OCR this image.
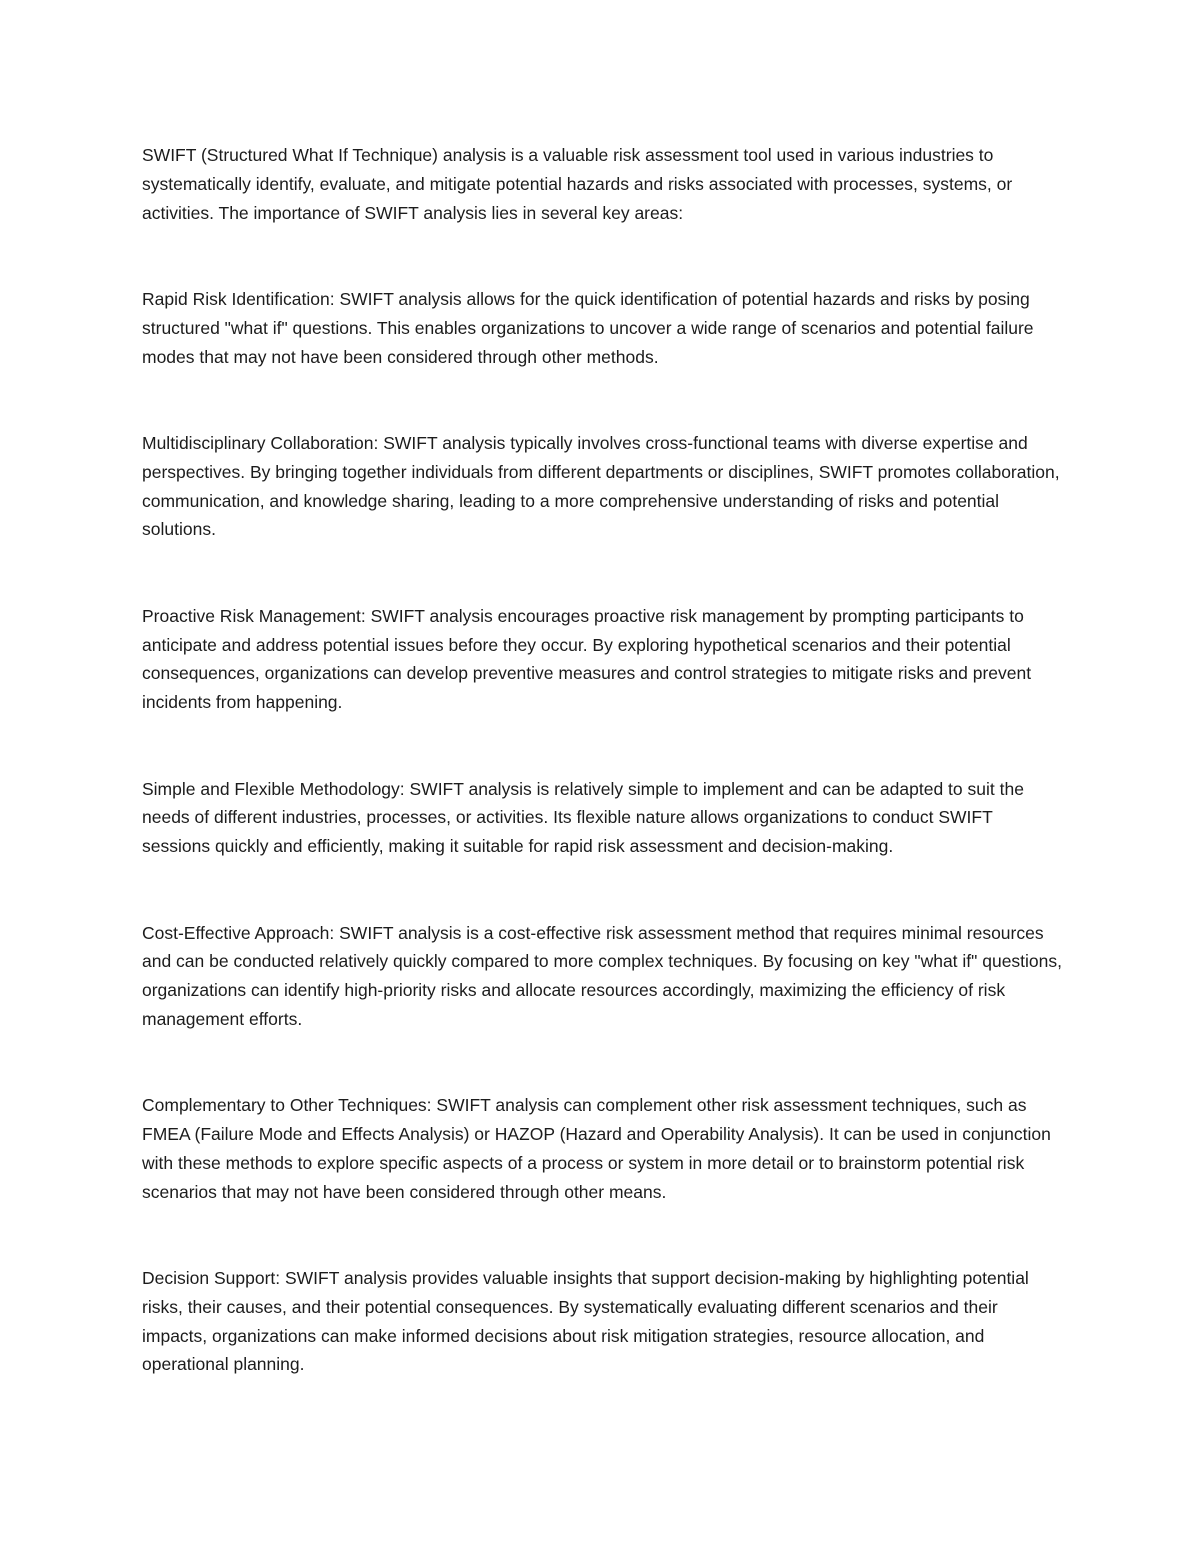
SWIFT (Structured What If Technique) analysis is a valuable risk assessment tool used in various industries to systematically identify, evaluate, and mitigate potential hazards and risks associated with processes, systems, or activities. The importance of SWIFT analysis lies in several key areas:

Rapid Risk Identification: SWIFT analysis allows for the quick identification of potential hazards and risks by posing structured "what if" questions. This enables organizations to uncover a wide range of scenarios and potential failure modes that may not have been considered through other methods.

Multidisciplinary Collaboration: SWIFT analysis typically involves cross-functional teams with diverse expertise and perspectives. By bringing together individuals from different departments or disciplines, SWIFT promotes collaboration, communication, and knowledge sharing, leading to a more comprehensive understanding of risks and potential solutions.

Proactive Risk Management: SWIFT analysis encourages proactive risk management by prompting participants to anticipate and address potential issues before they occur. By exploring hypothetical scenarios and their potential consequences, organizations can develop preventive measures and control strategies to mitigate risks and prevent incidents from happening.

Simple and Flexible Methodology: SWIFT analysis is relatively simple to implement and can be adapted to suit the needs of different industries, processes, or activities. Its flexible nature allows organizations to conduct SWIFT sessions quickly and efficiently, making it suitable for rapid risk assessment and decision-making.

Cost-Effective Approach: SWIFT analysis is a cost-effective risk assessment method that requires minimal resources and can be conducted relatively quickly compared to more complex techniques. By focusing on key "what if" questions, organizations can identify high-priority risks and allocate resources accordingly, maximizing the efficiency of risk management efforts.

Complementary to Other Techniques: SWIFT analysis can complement other risk assessment techniques, such as FMEA (Failure Mode and Effects Analysis) or HAZOP (Hazard and Operability Analysis). It can be used in conjunction with these methods to explore specific aspects of a process or system in more detail or to brainstorm potential risk scenarios that may not have been considered through other means.

Decision Support: SWIFT analysis provides valuable insights that support decision-making by highlighting potential risks, their causes, and their potential consequences. By systematically evaluating different scenarios and their impacts, organizations can make informed decisions about risk mitigation strategies, resource allocation, and operational planning.
